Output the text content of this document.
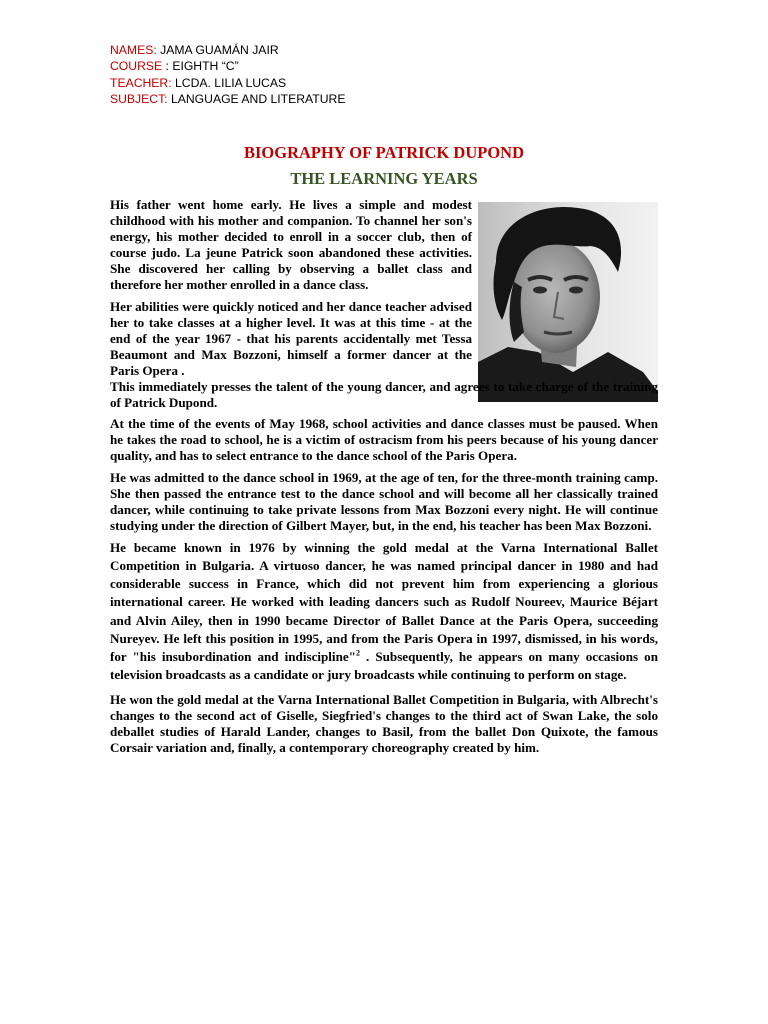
NAMES: JAMA GUAMÁN JAIR
COURSE : EIGHTH “C”
TEACHER: LCDA. LILIA LUCAS
SUBJECT: LANGUAGE AND LITERATURE
BIOGRAPHY OF PATRICK DUPOND
THE LEARNING YEARS

His father went home early. He lives a simple and modest childhood with his mother and companion. To channel her son's energy, his mother decided to enroll in a soccer club, then of course judo. La jeune Patrick soon abandoned these activities. She discovered her calling by observing a ballet class and therefore her mother enrolled in a dance class.

Her abilities were quickly noticed and her dance teacher advised her to take classes at a higher level. It was at this time - at the end of the year 1967 - that his parents accidentally met Tessa Beaumont and Max Bozzoni, himself a former dancer at the Paris Opera .

This immediately presses the talent of the young dancer, and agrees to take charge of the training of Patrick Dupond.

At the time of the events of May 1968, school activities and dance classes must be paused. When he takes the road to school, he is a victim of ostracism from his peers because of his young dancer quality, and has to select entrance to the dance school of the Paris Opera.

He was admitted to the dance school in 1969, at the age of ten, for the three-month training camp. She then passed the entrance test to the dance school and will become all her classically trained dancer, while continuing to take private lessons from Max Bozzoni every night. He will continue studying under the direction of Gilbert Mayer, but, in the end, his teacher has been Max Bozzoni.

He became known in 1976 by winning the gold medal at the Varna International Ballet Competition in Bulgaria. A virtuoso dancer, he was named principal dancer in 1980 and had considerable success in France, which did not prevent him from experiencing a glorious international career. He worked with leading dancers such as Rudolf Noureev, Maurice Béjart and Alvin Ailey, then in 1990 became Director of Ballet Dance at the Paris Opera, succeeding Nureyev. He left this position in 1995, and from the Paris Opera in 1997, dismissed, in his words, for "his insubordination and indiscipline"$^2$ . Subsequently, he appears on many occasions on television broadcasts as a candidate or jury broadcasts while continuing to perform on stage.

He won the gold medal at the Varna International Ballet Competition in Bulgaria, with Albrecht's changes to the second act of Giselle, Siegfried's changes to the third act of Swan Lake, the solo deballet studies of Harald Lander, changes to Basil, from the ballet Don Quixote, the famous Corsair variation and, finally, a contemporary choreography created by him.
